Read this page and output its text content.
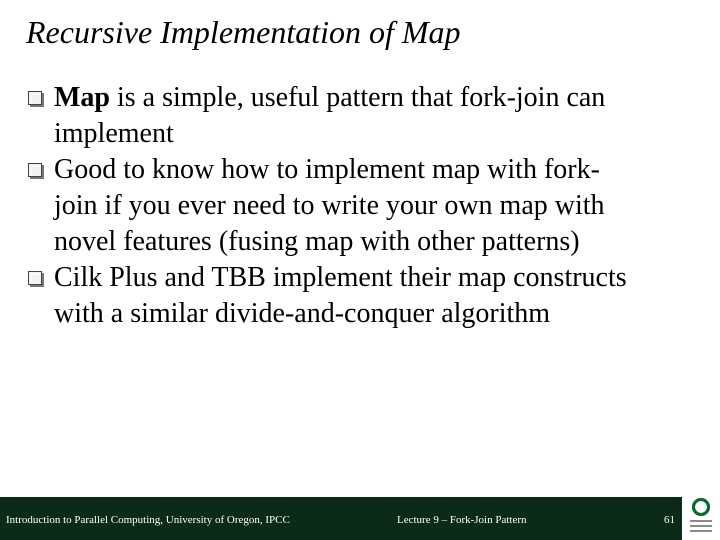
Recursive Implementation of Map
Map is a simple, useful pattern that fork-join can
implement
Good to know how to implement map with fork-
join if you ever need to write your own map with
novel features (fusing map with other patterns)
Cilk Plus and TBB implement their map constructs
with a similar divide-and-conquer algorithm
Introduction to Parallel Computing, University of Oregon, IPCC	Lecture 9 – Fork-Join Pattern	61
